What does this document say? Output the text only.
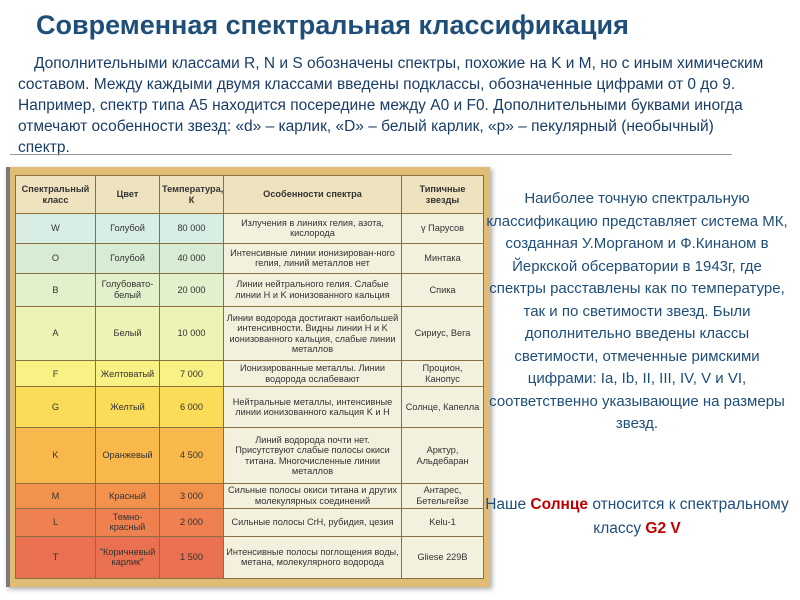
Современная спектральная классификация

Дополнительными классами R, N и S обозначены спектры, похожие на K и M, но с иным химическим составом. Между каждыми двумя классами введены подклассы, обозначенные цифрами от 0 до 9. Например, спектр типа A5 находится посередине между A0 и F0. Дополнительными буквами иногда отмечают особенности звезд: «d» – карлик, «D» – белый карлик, «p» – пекулярный (необычный) спектр.

Спектральный класс	Цвет	Температура, К	Особенности спектра	Типичные звезды
W	Голубой	80 000	Излучения в линиях гелия, азота, кислорода	γ Парусов
O	Голубой	40 000	Интенсивные линии ионизирован-ного гелия, линий металлов нет	Минтака
B	Голубовато-белый	20 000	Линии нейтрального гелия. Слабые линии H и K ионизованного кальция	Спика
A	Белый	10 000	Линии водорода достигают наибольшей интенсивности. Видны линии H и K ионизованного кальция, слабые линии металлов	Сириус, Вега
F	Желтоватый	7 000	Ионизированные металлы. Линии водорода ослабевают	Процион, Канопус
G	Желтый	6 000	Нейтральные металлы, интенсивные линии ионизованного кальция K и H	Солнце, Капелла
K	Оранжевый	4 500	Линий водорода почти нет. Присутствуют слабые полосы окиси титана. Многочисленные линии металлов	Арктур, Альдебаран
M	Красный	3 000	Сильные полосы окиси титана и других молекулярных соединений	Антарес, Бетельгейзе
L	Темно-красный	2 000	Сильные полосы CrH, рубидия, цезия	Kelu-1
T	"Коричневый карлик"	1 500	Интенсивные полосы поглощения воды, метана, молекулярного водорода	Gliese 229B

Наиболее точную спектральную классификацию представляет система МК, созданная У.Морганом и Ф.Кинаном в Йеркской обсерватории в 1943г, где спектры расставлены как по температуре, так и по светимости звезд. Были дополнительно введены классы светимости, отмеченные римскими цифрами: Ia, Ib, II, III, IV, V и VI, соответственно указывающие на размеры звезд.

Наше Солнце относится к спектральному классу G2 V
